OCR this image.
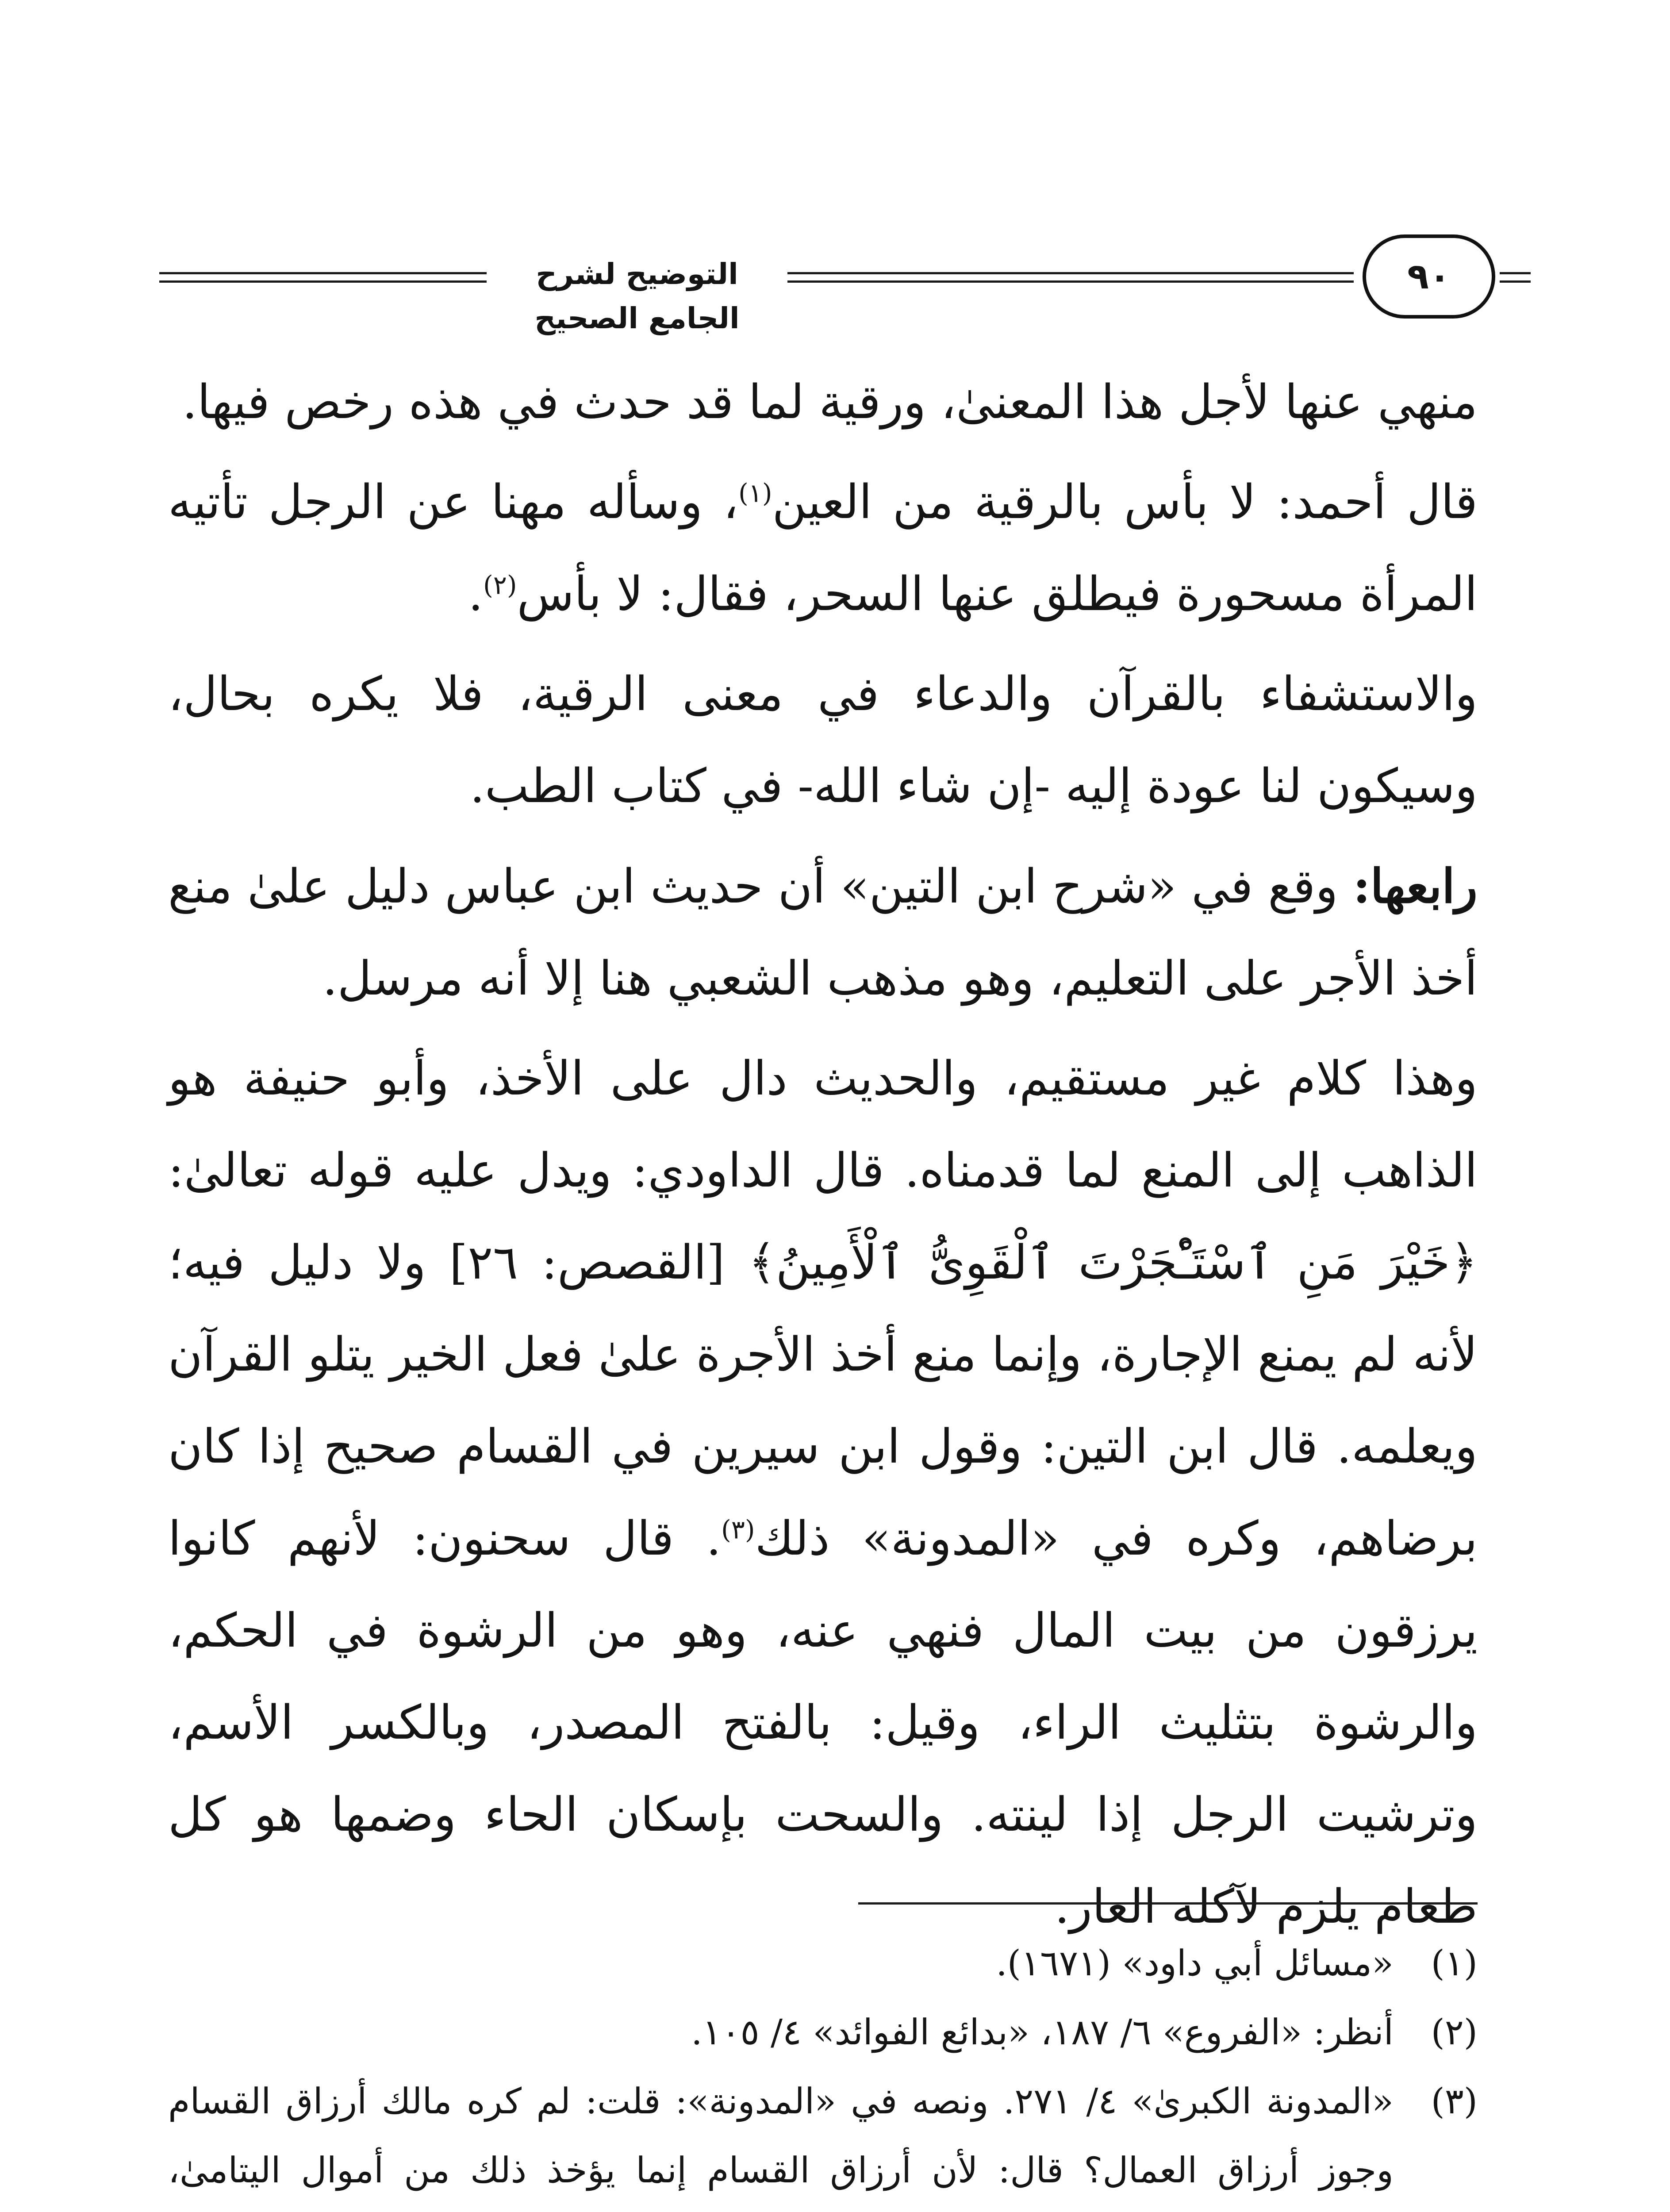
التوضيح لشرح الجامع الصحيح
٩٠

منهي عنها لأجل هذا المعنىٰ، ورقية لما قد حدث في هذه رخص فيها.

قال أحمد: لا بأس بالرقية من العين$^{(١)}$، وسأله مهنا عن الرجل تأتيه المرأة مسحورة فيطلق عنها السحر، فقال: لا بأس$^{(٢)}$.

والاستشفاء بالقرآن والدعاء في معنى الرقية، فلا يكره بحال، وسيكون لنا عودة إليه -إن شاء الله- في كتاب الطب.

رابعها: وقع في «شرح ابن التين» أن حديث ابن عباس دليل علىٰ منع أخذ الأجر على التعليم، وهو مذهب الشعبي هنا إلا أنه مرسل.

وهذا كلام غير مستقيم، والحديث دال على الأخذ، وأبو حنيفة هو الذاهب إلى المنع لما قدمناه. قال الداودي: ويدل عليه قوله تعالىٰ: ﴿خَيْرَ مَنِ ٱسْتَـْٔجَرْتَ ٱلْقَوِىُّ ٱلْأَمِينُ﴾ [القصص: ٢٦] ولا دليل فيه؛ لأنه لم يمنع الإجارة، وإنما منع أخذ الأجرة علىٰ فعل الخير يتلو القرآن ويعلمه. قال ابن التين: وقول ابن سيرين في القسام صحيح إذا كان برضاهم، وكره في «المدونة» ذلك$^{(٣)}$. قال سحنون: لأنهم كانوا يرزقون من بيت المال فنهي عنه، وهو من الرشوة في الحكم، والرشوة بتثليث الراء، وقيل: بالفتح المصدر، وبالكسر الأسم، وترشيت الرجل إذا لينته. والسحت بإسكان الحاء وضمها هو كل طعام يلزم لآكله العار.

(١)
«مسائل أبي داود» (١٦٧١).
(٢)
أنظر: «الفروع» ٦/ ١٨٧، «بدائع الفوائد» ٤/ ١٠٥.
(٣)
«المدونة الكبرىٰ» ٤/ ٢٧١. ونصه في «المدونة»: قلت: لم كره مالك أرزاق القسام وجوز أرزاق العمال؟ قال: لأن أرزاق القسام إنما يؤخذ ذلك من أموال اليتامىٰ،
